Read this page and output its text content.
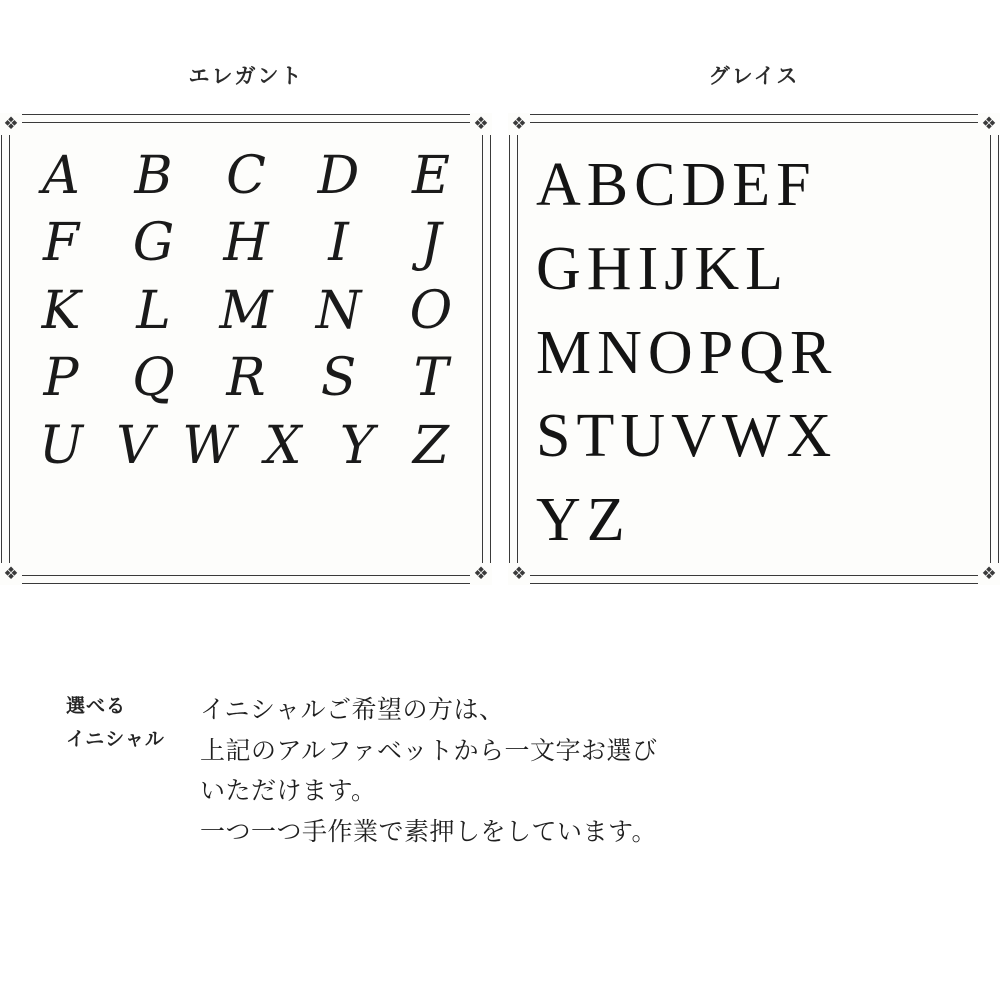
エレガント
❖	❖
❖	❖
A B C D E
F G H	I	J
K L M N O
P Q R S T
U V W X Y Z
グレイス
❖	❖
❖	❖
A B C D E F
G H I J K L
M N O P Q R
S T U V W X
Y Z
選べる
イニシャル
イニシャルご希望の方は、
上記のアルファベットから一文字お選び
いただけます。
一つ一つ手作業で素押しをしています。
